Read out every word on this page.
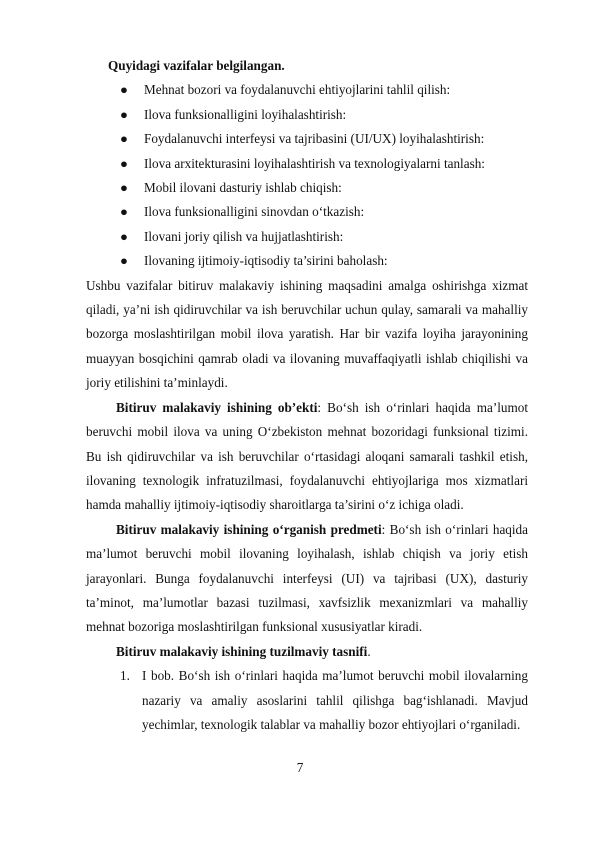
Quyidagi vazifalar belgilangan.

● Mehnat bozori va foydalanuvchi ehtiyojlarini tahlil qilish:
● Ilova funksionalligini loyihalashtirish:
● Foydalanuvchi interfeysi va tajribasini (UI/UX) loyihalashtirish:
● Ilova arxitekturasini loyihalashtirish va texnologiyalarni tanlash:
● Mobil ilovani dasturiy ishlab chiqish:
● Ilova funksionalligini sinovdan o‘tkazish:
● Ilovani joriy qilish va hujjatlashtirish:
● Ilovaning ijtimoiy-iqtisodiy ta’sirini baholash:

Ushbu vazifalar bitiruv malakaviy ishining maqsadini amalga oshirishga xizmat qiladi, ya’ni ish qidiruvchilar va ish beruvchilar uchun qulay, samarali va mahalliy bozorga moslashtirilgan mobil ilova yaratish. Har bir vazifa loyiha jarayonining muayyan bosqichini qamrab oladi va ilovaning muvaffaqiyatli ishlab chiqilishi va joriy etilishini ta’minlaydi.

Bitiruv malakaviy ishining ob’ekti: Bo‘sh ish o‘rinlari haqida ma’lumot beruvchi mobil ilova va uning O‘zbekiston mehnat bozoridagi funksional tizimi. Bu ish qidiruvchilar va ish beruvchilar o‘rtasidagi aloqani samarali tashkil etish, ilovaning texnologik infratuzilmasi, foydalanuvchi ehtiyojlariga mos xizmatlari hamda mahalliy ijtimoiy-iqtisodiy sharoitlarga ta’sirini o‘z ichiga oladi.

Bitiruv malakaviy ishining o‘rganish predmeti: Bo‘sh ish o‘rinlari haqida ma’lumot beruvchi mobil ilovaning loyihalash, ishlab chiqish va joriy etish jarayonlari. Bunga foydalanuvchi interfeysi (UI) va tajribasi (UX), dasturiy ta’minot, ma’lumotlar bazasi tuzilmasi, xavfsizlik mexanizmlari va mahalliy mehnat bozoriga moslashtirilgan funksional xususiyatlar kiradi.

Bitiruv malakaviy ishining tuzilmaviy tasnifi.

1. I bob. Bo‘sh ish o‘rinlari haqida ma’lumot beruvchi mobil ilovalarning nazariy va amaliy asoslarini tahlil qilishga bag‘ishlanadi. Mavjud yechimlar, texnologik talablar va mahalliy bozor ehtiyojlari o‘rganiladi.
7
